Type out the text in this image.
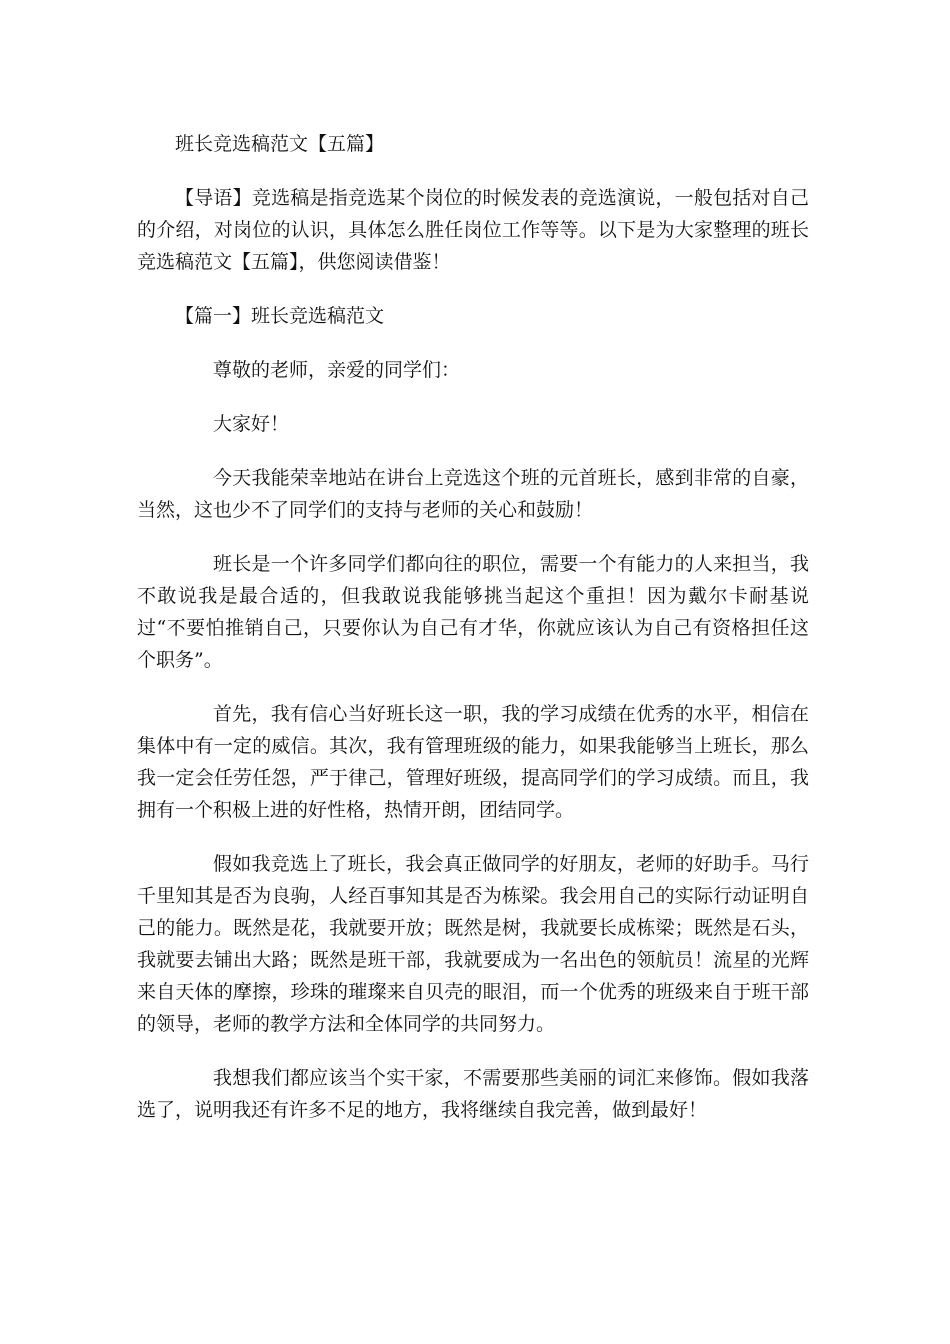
班长竞选稿范文【五篇】

【导语】竞选稿是指竞选某个岗位的时候发表的竞选演说，一般包括对自己的介绍，对岗位的认识，具体怎么胜任岗位工作等等。以下是为大家整理的班长竞选稿范文【五篇】，供您阅读借鉴！

【篇一】班长竞选稿范文

尊敬的老师，亲爱的同学们：

大家好！

今天我能荣幸地站在讲台上竞选这个班的元首班长，感到非常的自豪，当然，这也少不了同学们的支持与老师的关心和鼓励！

班长是一个许多同学们都向往的职位，需要一个有能力的人来担当，我不敢说我是最合适的，但我敢说我能够挑当起这个重担！因为戴尔卡耐基说过“不要怕推销自己，只要你认为自己有才华，你就应该认为自己有资格担任这个职务”。

首先，我有信心当好班长这一职，我的学习成绩在优秀的水平，相信在集体中有一定的威信。其次，我有管理班级的能力，如果我能够当上班长，那么我一定会任劳任怨，严于律己，管理好班级，提高同学们的学习成绩。而且，我拥有一个积极上进的好性格，热情开朗，团结同学。

假如我竞选上了班长，我会真正做同学的好朋友，老师的好助手。马行千里知其是否为良驹，人经百事知其是否为栋梁。我会用自己的实际行动证明自己的能力。既然是花，我就要开放；既然是树，我就要长成栋梁；既然是石头，我就要去铺出大路；既然是班干部，我就要成为一名出色的领航员！流星的光辉来自天体的摩擦，珍珠的璀璨来自贝壳的眼泪，而一个优秀的班级来自于班干部的领导，老师的教学方法和全体同学的共同努力。

我想我们都应该当个实干家，不需要那些美丽的词汇来修饰。假如我落选了，说明我还有许多不足的地方，我将继续自我完善，做到最好！
